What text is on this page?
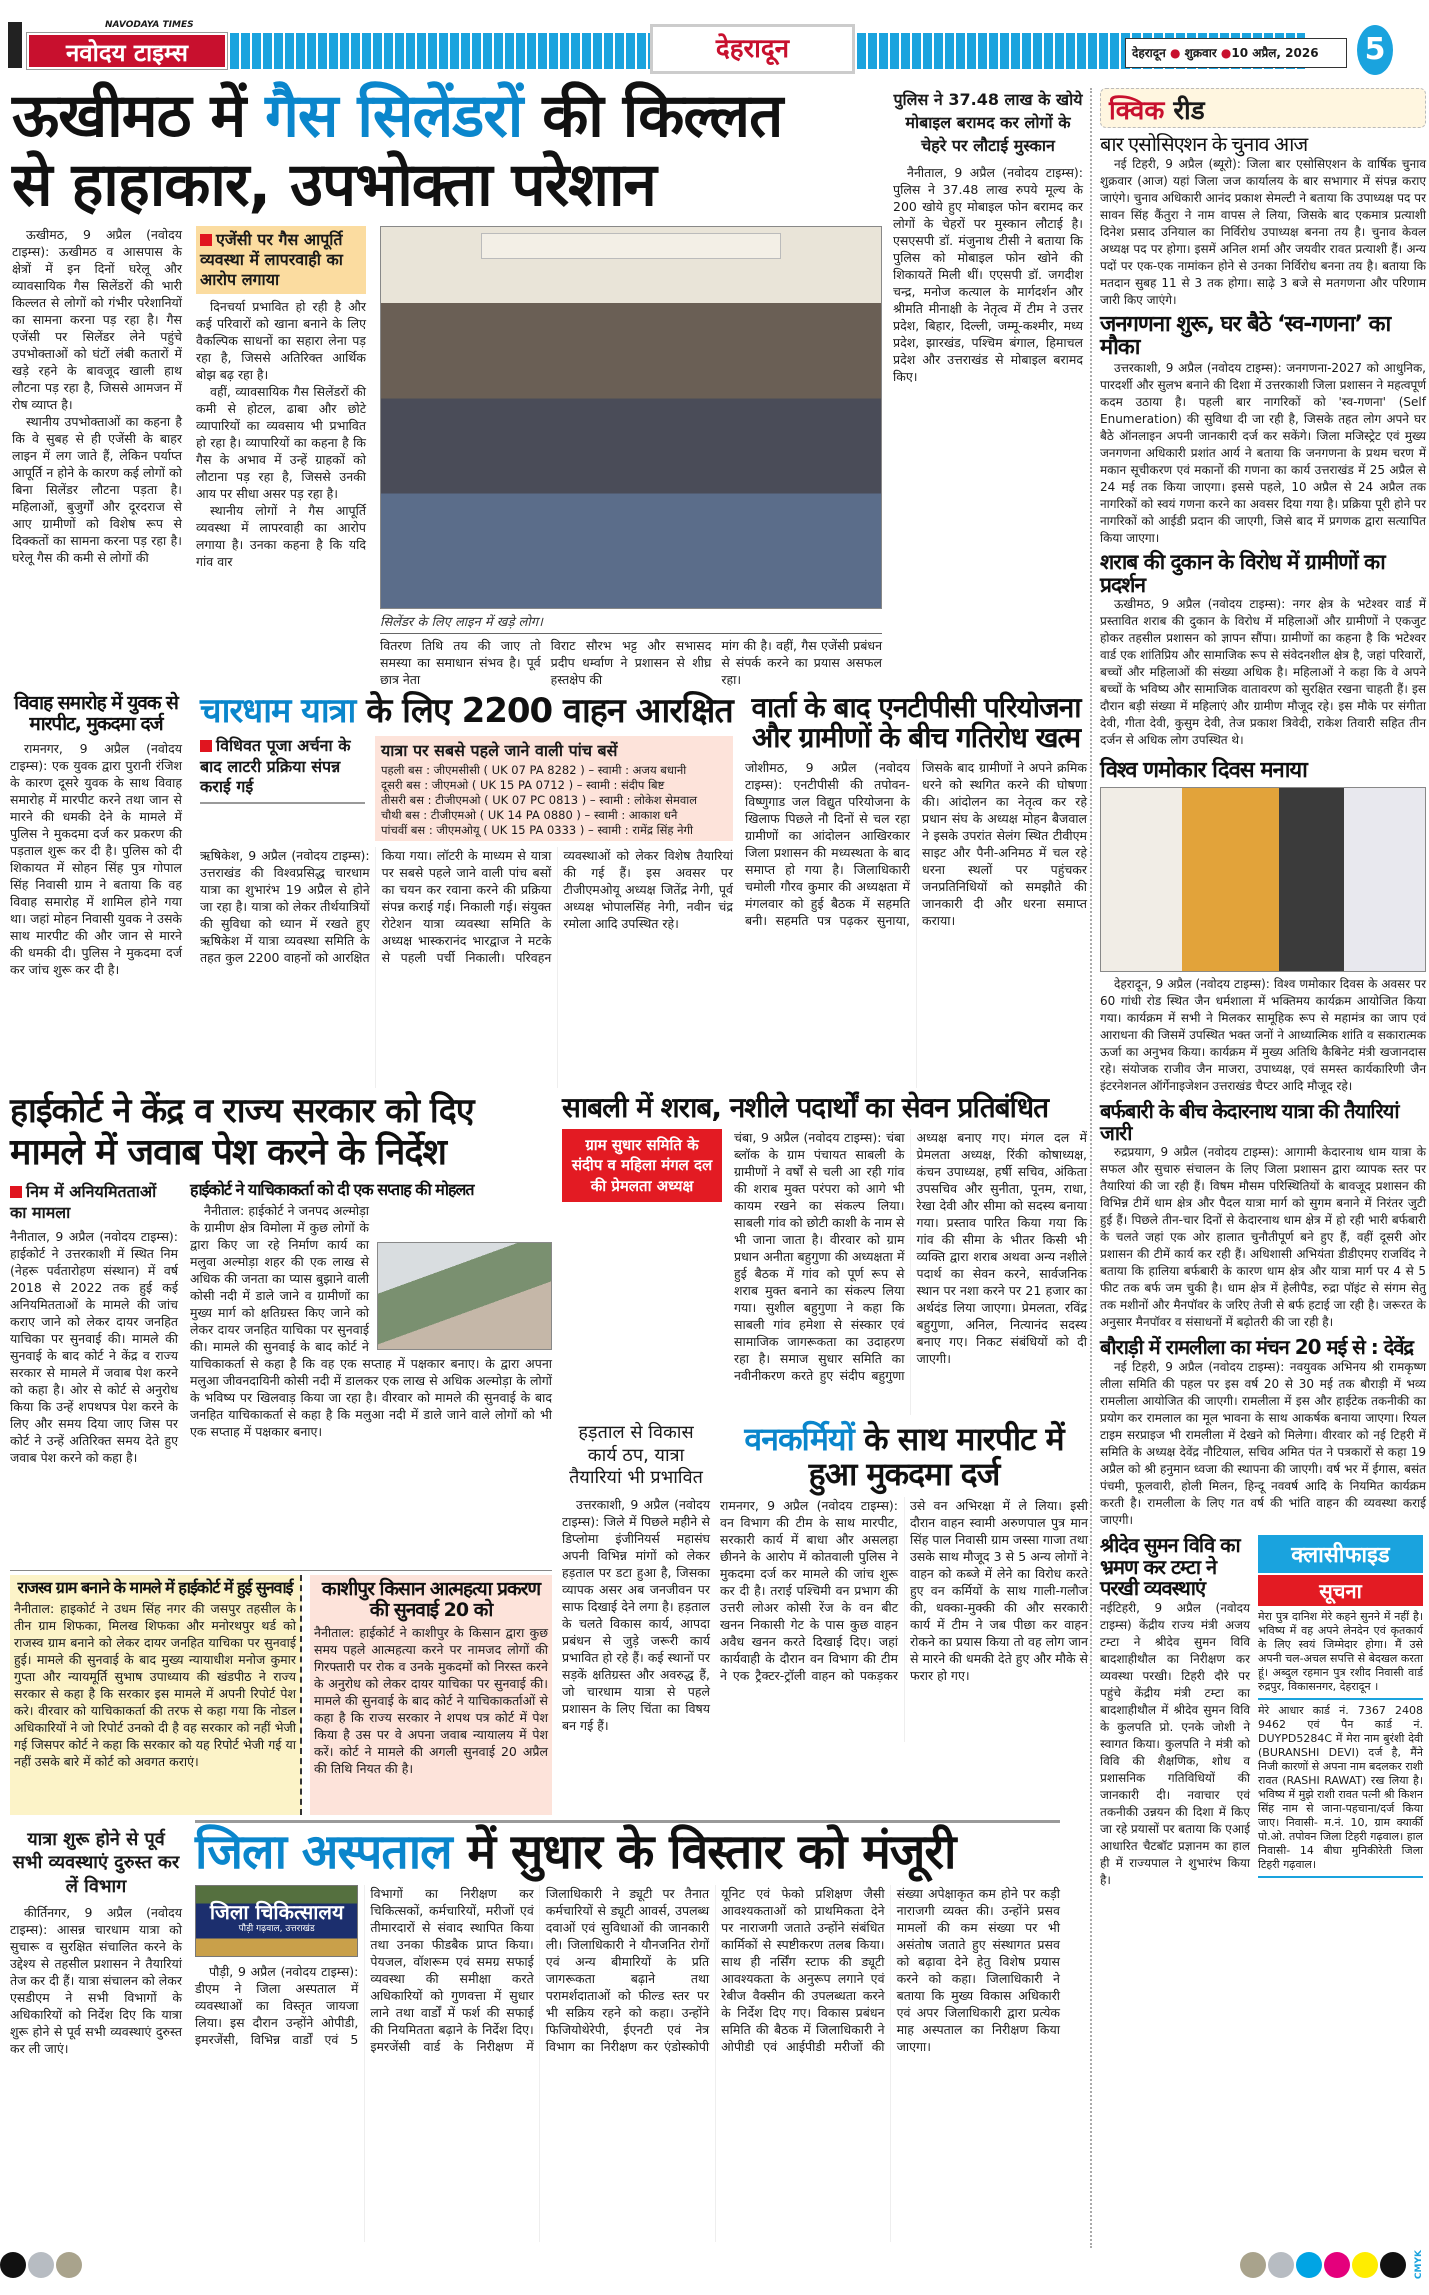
NAVODAYA TIMES
नवोदय टाइम्स	देहरादून	देहरादून ● शुक्रवार ●10 अप्रैल, 2026	5
ऊखीमठ में गैस सिलेंडरों की किल्लत
से हाहाकार, उपभोक्ता परेशान

ऊखीमठ, 9 अप्रैल (नवोदय टाइम्स): ऊखीमठ व आसपास के क्षेत्रों में इन दिनों घरेलू और व्यावसायिक गैस सिलेंडरों की भारी किल्लत से लोगों को गंभीर परेशानियों का सामना करना पड़ रहा है। गैस एजेंसी पर सिलेंडर लेने पहुंचे उपभोक्ताओं को घंटों लंबी कतारों में खड़े रहने के बावजूद खाली हाथ लौटना पड़ रहा है, जिससे आमजन में रोष व्याप्त है।

स्थानीय उपभोक्ताओं का कहना है कि वे सुबह से ही एजेंसी के बाहर लाइन में लग जाते हैं, लेकिन पर्याप्त आपूर्ति न होने के कारण कई लोगों को बिना सिलेंडर लौटना पड़ता है। महिलाओं, बुजुर्गों और दूरदराज से आए ग्रामीणों को विशेष रूप से दिक्कतों का सामना करना पड़ रहा है। घरेलू गैस की कमी से लोगों की

एजेंसी पर गैस आपूर्ति व्यवस्था में लापरवाही का आरोप लगाया

दिनचर्या प्रभावित हो रही है और कई परिवारों को खाना बनाने के लिए वैकल्पिक साधनों का सहारा लेना पड़ रहा है, जिससे अतिरिक्त आर्थिक बोझ बढ़ रहा है।

वहीं, व्यावसायिक गैस सिलेंडरों की कमी से होटल, ढाबा और छोटे व्यापारियों का व्यवसाय भी प्रभावित हो रहा है। व्यापारियों का कहना है कि गैस के अभाव में उन्हें ग्राहकों को लौटाना पड़ रहा है, जिससे उनकी आय पर सीधा असर पड़ रहा है।

स्थानीय लोगों ने गैस आपूर्ति व्यवस्था में लापरवाही का आरोप लगाया है। उनका कहना है कि यदि गांव वार

सिलेंडर के लिए लाइन में खड़े लोग।

वितरण तिथि तय की जाए तो समस्या का समाधान संभव है। पूर्व छात्र नेता

विराट सौरभ भट्ट और सभासद प्रदीप धर्म्वाण ने प्रशासन से शीघ्र हस्तक्षेप की

मांग की है। वहीं, गैस एजेंसी प्रबंधन से संपर्क करने का प्रयास असफल रहा।

पुलिस ने 37.48 लाख के खोये मोबाइल बरामद कर लोगों के चेहरे पर लौटाई मुस्कान
नैनीताल, 9 अप्रैल (नवोदय टाइम्स): पुलिस ने 37.48 लाख रुपये मूल्य के 200 खोये हुए मोबाइल फोन बरामद कर लोगों के चेहरों पर मुस्कान लौटाई है। एसएसपी डॉ. मंजुनाथ टीसी ने बताया कि पुलिस को मोबाइल फोन खोने की शिकायतें मिली थीं। एएसपी डॉ. जगदीश चन्द्र, मनोज कत्याल के मार्गदर्शन और श्रीमति मीनाक्षी के नेतृत्व में टीम ने उत्तर प्रदेश, बिहार, दिल्ली, जम्मू-कश्मीर, मध्य प्रदेश, झारखंड, पश्चिम बंगाल, हिमाचल प्रदेश और उत्तराखंड से मोबाइल बरामद किए।
क्विक रीड
बार एसोसिएशन के चुनाव आज

नई टिहरी, 9 अप्रैल (ब्यूरो): जिला बार एसोसिएशन के वार्षिक चुनाव शुक्रवार (आज) यहां जिला जज कार्यालय के बार सभागार में संपन्न कराए जाएंगे। चुनाव अधिकारी आनंद प्रकाश सेमल्टी ने बताया कि उपाध्यक्ष पद पर सावन सिंह कैंतुरा ने नाम वापस ले लिया, जिसके बाद एकमात्र प्रत्याशी दिनेश प्रसाद उनियाल का निर्विरोध उपाध्यक्ष बनना तय है। चुनाव केवल अध्यक्ष पद पर होगा। इसमें अनिल शर्मा और जयवीर रावत प्रत्याशी हैं। अन्य पदों पर एक-एक नामांकन होने से उनका निर्विरोध बनना तय है। बताया कि मतदान सुबह 11 से 3 तक होगा। साढ़े 3 बजे से मतगणना और परिणाम जारी किए जाएंगे।

जनगणना शुरू, घर बैठे ‘स्व-गणना’ का मौका

उत्तरकाशी, 9 अप्रैल (नवोदय टाइम्स): जनगणना-2027 को आधुनिक, पारदर्शी और सुलभ बनाने की दिशा में उत्तरकाशी जिला प्रशासन ने महत्वपूर्ण कदम उठाया है। पहली बार नागरिकों को 'स्व-गणना' (Self Enumeration) की सुविधा दी जा रही है, जिसके तहत लोग अपने घर बैठे ऑनलाइन अपनी जानकारी दर्ज कर सकेंगे। जिला मजिस्ट्रेट एवं मुख्य जनगणना अधिकारी प्रशांत आर्य ने बताया कि जनगणना के प्रथम चरण में मकान सूचीकरण एवं मकानों की गणना का कार्य उत्तराखंड में 25 अप्रैल से 24 मई तक किया जाएगा। इससे पहले, 10 अप्रैल से 24 अप्रैल तक नागरिकों को स्वयं गणना करने का अवसर दिया गया है। प्रक्रिया पूरी होने पर नागरिकों को आईडी प्रदान की जाएगी, जिसे बाद में प्रगणक द्वारा सत्यापित किया जाएगा।

शराब की दुकान के विरोध में ग्रामीणों का प्रदर्शन

ऊखीमठ, 9 अप्रैल (नवोदय टाइम्स): नगर क्षेत्र के भटेश्वर वार्ड में प्रस्तावित शराब की दुकान के विरोध में महिलाओं और ग्रामीणों ने एकजुट होकर तहसील प्रशासन को ज्ञापन सौंपा। ग्रामीणों का कहना है कि भटेश्वर वार्ड एक शांतिप्रिय और सामाजिक रूप से संवेदनशील क्षेत्र है, जहां परिवारों, बच्चों और महिलाओं की संख्या अधिक है। महिलाओं ने कहा कि वे अपने बच्चों के भविष्य और सामाजिक वातावरण को सुरक्षित रखना चाहती हैं। इस दौरान बड़ी संख्या में महिलाएं और ग्रामीण मौजूद रहे। इस मौके पर संगीता देवी, गीता देवी, कुसुम देवी, तेज प्रकाश त्रिवेदी, राकेश तिवारी सहित तीन दर्जन से अधिक लोग उपस्थित थे।

विश्व णमोकार दिवस मनाया

देहरादून, 9 अप्रैल (नवोदय टाइम्स): विश्व णमोकार दिवस के अवसर पर 60 गांधी रोड स्थित जैन धर्मशाला में भक्तिमय कार्यक्रम आयोजित किया गया। कार्यक्रम में सभी ने मिलकर सामूहिक रूप से महामंत्र का जाप एवं आराधना की जिसमें उपस्थित भक्त जनों ने आध्यात्मिक शांति व सकारात्मक ऊर्जा का अनुभव किया। कार्यक्रम में मुख्य अतिथि कैबिनेट मंत्री खजानदास रहे। संयोजक राजीव जैन माजरा, उपाध्यक्ष, एवं समस्त कार्यकारिणी जैन इंटरनेशनल ऑर्गेनाइजेशन उत्तराखंड चैप्टर आदि मौजूद रहे।

बर्फबारी के बीच केदारनाथ यात्रा की तैयारियां जारी

रुद्रप्रयाग, 9 अप्रैल (नवोदय टाइम्स): आगामी केदारनाथ धाम यात्रा के सफल और सुचारु संचालन के लिए जिला प्रशासन द्वारा व्यापक स्तर पर तैयारियां की जा रही हैं। विषम मौसम परिस्थितियों के बावजूद प्रशासन की विभिन्न टीमें धाम क्षेत्र और पैदल यात्रा मार्ग को सुगम बनाने में निरंतर जुटी हुई हैं। पिछले तीन-चार दिनों से केदारनाथ धाम क्षेत्र में हो रही भारी बर्फबारी के चलते जहां एक ओर हालात चुनौतीपूर्ण बने हुए हैं, वहीं दूसरी ओर प्रशासन की टीमें कार्य कर रही हैं। अधिशासी अभियंता डीडीएमए राजविंद ने बताया कि हालिया बर्फबारी के कारण धाम क्षेत्र और यात्रा मार्ग पर 4 से 5 फीट तक बर्फ जम चुकी है। धाम क्षेत्र में हेलीपैड, रुद्रा पॉइंट से संगम सेतु तक मशीनों और मैनपॉवर के जरिए तेजी से बर्फ हटाई जा रही है। जरूरत के अनुसार मैनपॉवर व संसाधनों में बढ़ोतरी की जा रही है।

बौराड़ी में रामलीला का मंचन 20 मई से : देवेंद्र

नई टिहरी, 9 अप्रैल (नवोदय टाइम्स): नवयुवक अभिनय श्री रामकृष्ण लीला समिति की पहल पर इस वर्ष 20 से 30 मई तक बौराड़ी में भव्य रामलीला आयोजित की जाएगी। रामलीला में इस और हाईटेक तकनीकी का प्रयोग कर रामलाल का मूल भावना के साथ आकर्षक बनाया जाएगा। रियल टाइम सरप्राइज भी रामलीला में देखने को मिलेगा। वीरवार को नई टिहरी में समिति के अध्यक्ष देवेंद्र नौटियाल, सचिव अमित पंत ने पत्रकारों से कहा 19 अप्रैल को श्री हनुमान ध्वजा की स्थापना की जाएगी। वर्ष भर में ईगास, बसंत पंचमी, फूलवारी, होली मिलन, हिन्दू नववर्ष आदि के नियमित कार्यक्रम करती है। रामलीला के लिए गत वर्ष की भांति वाहन की व्यवस्था कराई जाएगी।

श्रीदेव सुमन विवि का भ्रमण कर टम्टा ने परखी व्यवस्थाएं

नईटिहरी, 9 अप्रैल (नवोदय टाइम्स) केंद्रीय राज्य मंत्री अजय टम्टा ने श्रीदेव सुमन विवि बादशाहीथौल का निरीक्षण कर व्यवस्था परखी। टिहरी दौरे पर पहुंचे केंद्रीय मंत्री टम्टा का बादशाहीथौल में श्रीदेव सुमन विवि के कुलपति प्रो. एनके जोशी ने स्वागत किया। कुलपति ने मंत्री को विवि की शैक्षणिक, शोध व प्रशासनिक गतिविधियों की जानकारी दी। नवाचार एवं तकनीकी उन्नयन की दिशा में किए जा रहे प्रयासों पर बताया कि एआई आधारित चैटबॉट प्रज्ञानम का हाल ही में राज्यपाल ने शुभारंभ किया है।

क्लासीफाइड
सूचना

मेरा पुत्र दानिश मेरे कहने सुनने में नहीं है। भविष्य में वह अपने लेनदेन एवं कृतकार्य के लिए स्वयं जिम्मेदार होगा। मैं उसे अपनी चल-अचल सपत्ति से बेदखल करता हूं। अब्दुल रहमान पुत्र रशीद निवासी वार्ड रुद्रपुर, विकासनगर, देहरादून ।

मेरे आधार कार्ड नं. 7367 2408 9462 एवं पैन कार्ड नं. DUYPD5284C में मेरा नाम बुरंशी देवी (BURANSHI DEVI) दर्ज है, मैंने निजी कारणों से अपना नाम बदलकर राशी रावत (RASHI RAWAT) रख लिया है। भविष्य में मुझे राशी रावत पत्नी श्री किशन सिंह नाम से जाना-पहचाना/दर्ज किया जाए। निवासी- म.नं. 10, ग्राम क्यार्की पो.ओ. तपोवन जिला टिहरी गढ़वाल। हाल निवासी- 14 बीघा मुनिकीरेती जिला टिहरी गढ़वाल।

विवाह समारोह में युवक से मारपीट, मुकदमा दर्ज

रामनगर, 9 अप्रैल (नवोदय टाइम्स): एक युवक द्वारा पुरानी रंजिश के कारण दूसरे युवक के साथ विवाह समारोह में मारपीट करने तथा जान से मारने की धमकी देने के मामले में पुलिस ने मुकदमा दर्ज कर प्रकरण की पड़ताल शुरू कर दी है। पुलिस को दी शिकायत में सोहन सिंह पुत्र गोपाल सिंह निवासी ग्राम ने बताया कि वह विवाह समारोह में शामिल होने गया था। जहां मोहन निवासी युवक ने उसके साथ मारपीट की और जान से मारने की धमकी दी। पुलिस ने मुकदमा दर्ज कर जांच शुरू कर दी है।

चारधाम यात्रा के लिए 2200 वाहन आरक्षित
विधिवत पूजा अर्चना के बाद लाटरी प्रक्रिया संपन्न कराई गई
यात्रा पर सबसे पहले जाने वाली पांच बसें
पहली बस : जीएमसीसी ( UK 07 PA 8282 ) – स्वामी : अजय बधानी
दूसरी बस : जीएमओ ( UK 15 PA 0712 ) – स्वामी : संदीप बिष्ट
तीसरी बस : टीजीएमओ ( UK 07 PC 0813 ) – स्वामी : लोकेश सेमवाल
चौथी बस : टीजीएमओ ( UK 14 PA 0880 ) – स्वामी : आकाश धनै
पांचवीं बस : जीएमओयू ( UK 15 PA 0333 ) – स्वामी : रामेंद्र सिंह नेगी
ऋषिकेश, 9 अप्रैल (नवोदय टाइम्स): उत्तराखंड की विश्वप्रसिद्ध चारधाम यात्रा का शुभारंभ 19 अप्रैल से होने जा रहा है। यात्रा को लेकर तीर्थयात्रियों की सुविधा को ध्यान में रखते हुए ऋषिकेश में यात्रा व्यवस्था समिति के तहत कुल 2200 वाहनों को आरक्षित किया गया। लॉटरी के माध्यम से यात्रा पर सबसे पहले जाने वाली पांच बसों का चयन कर रवाना करने की प्रक्रिया संपन्न कराई गई। निकाली गई। संयुक्त रोटेशन यात्रा व्यवस्था समिति के अध्यक्ष भास्करानंद भारद्वाज ने मटके से पहली पर्ची निकाली। परिवहन व्यवस्थाओं को लेकर विशेष तैयारियां की गई हैं। इस अवसर पर टीजीएमओयू अध्यक्ष जितेंद्र नेगी, पूर्व अध्यक्ष भोपालसिंह नेगी, नवीन चंद्र रमोला आदि उपस्थित रहे।
वार्ता के बाद एनटीपीसी परियोजना और ग्रामीणों के बीच गतिरोध खत्म
जोशीमठ, 9 अप्रैल (नवोदय टाइम्स): एनटीपीसी की तपोवन-विष्णुगाड जल विद्युत परियोजना के खिलाफ पिछले नौ दिनों से चल रहा ग्रामीणों का आंदोलन आखिरकार जिला प्रशासन की मध्यस्थता के बाद समाप्त हो गया है। जिलाधिकारी चमोली गौरव कुमार की अध्यक्षता में मंगलवार को हुई बैठक में सहमति बनी। सहमति पत्र पढ़कर सुनाया, जिसके बाद ग्रामीणों ने अपने क्रमिक धरने को स्थगित करने की घोषणा की। आंदोलन का नेतृत्व कर रहे प्रधान संघ के अध्यक्ष मोहन बैजवाल ने इसके उपरांत सेलंग स्थित टीवीएम साइट और पैनी-अनिमठ में चल रहे धरना स्थलों पर पहुंचकर जनप्रतिनिधियों को समझौते की जानकारी दी और धरना समाप्त कराया।
हाईकोर्ट ने केंद्र व राज्य सरकार को दिए
मामले में जवाब पेश करने के निर्देश
निम में अनियमितताओं का मामला
नैनीताल, 9 अप्रैल (नवोदय टाइम्स): हाईकोर्ट ने उत्तरकाशी में स्थित निम (नेहरू पर्वतारोहण संस्थान) में वर्ष 2018 से 2022 तक हुई कई अनियमितताओं के मामले की जांच कराए जाने को लेकर दायर जनहित याचिका पर सुनवाई की। मामले की सुनवाई के बाद कोर्ट ने केंद्र व राज्य सरकार से मामले में जवाब पेश करने को कहा है। ओर से कोर्ट से अनुरोध किया कि उन्हें शपथपत्र पेश करने के लिए और समय दिया जाए जिस पर कोर्ट ने उन्हें अतिरिक्त समय देते हुए जवाब पेश करने को कहा है।
हाईकोर्ट ने याचिकाकर्ता को दी एक सप्ताह की मोहलत

नैनीताल: हाईकोर्ट ने जनपद अल्मोड़ा के ग्रामीण क्षेत्र विमोला में कुछ लोगों के द्वारा किए जा रहे निर्माण कार्य का मलुवा अल्मोड़ा शहर की एक लाख से अधिक की जनता का प्यास बुझाने वाली कोसी नदी में डाले जाने व ग्रामीणों का मुख्य मार्ग को क्षतिग्रस्त किए जाने को लेकर दायर जनहित याचिका पर सुनवाई की। मामले की सुनवाई के बाद कोर्ट ने याचिकाकर्ता से कहा है कि वह एक सप्ताह में पक्षकार बनाए। के द्वारा अपना मलुआ जीवनदायिनी कोसी नदी में डालकर एक लाख से अधिक अल्मोड़ा के लोगों के भविष्य पर खिलवाड़ किया जा रहा है। वीरवार को मामले की सुनवाई के बाद जनहित याचिकाकर्ता से कहा है कि मलुआ नदी में डाले जाने वाले लोगों को भी एक सप्ताह में पक्षकार बनाए।

राजस्व ग्राम बनाने के मामले में हाईकोर्ट में हुई सुनवाई

नैनीताल: हाइकोर्ट ने उधम सिंह नगर की जसपुर तहसील के तीन ग्राम शिफका, मिलख शिफका और मनोरथपुर थर्ड को राजस्व ग्राम बनाने को लेकर दायर जनहित याचिका पर सुनवाई हुई। मामले की सुनवाई के बाद मुख्य न्यायाधीश मनोज कुमार गुप्ता और न्यायमूर्ति सुभाष उपाध्याय की खंडपीठ ने राज्य सरकार से कहा है कि सरकार इस मामले में अपनी रिपोर्ट पेश करे। वीरवार को याचिकाकर्ता की तरफ से कहा गया कि नोडल अधिकारियों ने जो रिपोर्ट उनको दी है वह सरकार को नहीं भेजी गई जिसपर कोर्ट ने कहा कि सरकार को यह रिपोर्ट भेजी गई या नहीं उसके बारे में कोर्ट को अवगत कराएं।

काशीपुर किसान आत्महत्या प्रकरण की सुनवाई 20 को

नैनीताल: हाईकोर्ट ने काशीपुर के किसान द्वारा कुछ समय पहले आत्महत्या करने पर नामजद लोगों की गिरफ्तारी पर रोक व उनके मुकदमों को निरस्त करने के अनुरोध को लेकर दायर याचिका पर सुनवाई की। मामले की सुनवाई के बाद कोर्ट ने याचिकाकर्ताओं से कहा है कि राज्य सरकार ने शपथ पत्र कोर्ट में पेश किया है उस पर वे अपना जवाब न्यायालय में पेश करें। कोर्ट ने मामले की अगली सुनवाई 20 अप्रैल की तिथि नियत की है।

साबली में शराब, नशीले पदार्थों का सेवन प्रतिबंधित
ग्राम सुधार समिति के संदीप व महिला मंगल दल की प्रेमलता अध्यक्ष
चंबा, 9 अप्रैल (नवोदय टाइम्स): चंबा ब्लॉक के ग्राम पंचायत साबली के ग्रामीणों ने वर्षों से चली आ रही गांव की शराब मुक्त परंपरा को आगे भी कायम रखने का संकल्प लिया। साबली गांव को छोटी काशी के नाम से भी जाना जाता है। वीरवार को ग्राम प्रधान अनीता बहुगुणा की अध्यक्षता में हुई बैठक में गांव को पूर्ण रूप से शराब मुक्त बनाने का संकल्प लिया गया। सुशील बहुगुणा ने कहा कि साबली गांव हमेशा से संस्कार एवं सामाजिक जागरूकता का उदाहरण रहा है। समाज सुधार समिति का नवीनीकरण करते हुए संदीप बहुगुणा अध्यक्ष बनाए गए। मंगल दल में प्रेमलता अध्यक्ष, रिंकी कोषाध्यक्ष, कंचन उपाध्यक्ष, हर्षी सचिव, अंकिता उपसचिव और सुनीता, पूनम, राधा, रेखा देवी और सीमा को सदस्य बनाया गया। प्रस्ताव पारित किया गया कि गांव की सीमा के भीतर किसी भी व्यक्ति द्वारा शराब अथवा अन्य नशीले पदार्थ का सेवन करने, सार्वजनिक स्थान पर नशा करने पर 21 हजार का अर्थदंड लिया जाएगा। प्रेमलता, रविंद्र बहुगुणा, अनिल, नित्यानंद सदस्य बनाए गए। निकट संबंधियों को दी जाएगी।
हड़ताल से विकास कार्य ठप, यात्रा तैयारियां भी प्रभावित

उत्तरकाशी, 9 अप्रैल (नवोदय टाइम्स): जिले में पिछले महीने से डिप्लोमा इंजीनियर्स महासंघ अपनी विभिन्न मांगों को लेकर हड़ताल पर डटा हुआ है, जिसका व्यापक असर अब जनजीवन पर साफ दिखाई देने लगा है। हड़ताल के चलते विकास कार्य, आपदा प्रबंधन से जुड़े जरूरी कार्य प्रभावित हो रहे हैं। कई स्थानों पर सड़कें क्षतिग्रस्त और अवरुद्ध हैं, जो चारधाम यात्रा से पहले प्रशासन के लिए चिंता का विषय बन गई हैं।

वनकर्मियों के साथ मारपीट में हुआ मुकदमा दर्ज
रामनगर, 9 अप्रैल (नवोदय टाइम्स): वन विभाग की टीम के साथ मारपीट, सरकारी कार्य में बाधा और असलहा छीनने के आरोप में कोतवाली पुलिस ने मुकदमा दर्ज कर मामले की जांच शुरू कर दी है। तराई पश्चिमी वन प्रभाग की उत्तरी लोअर कोसी रेंज के वन बीट खनन निकासी गेट के पास कुछ वाहन अवैध खनन करते दिखाई दिए। जहां कार्यवाही के दौरान वन विभाग की टीम ने एक ट्रैक्टर-ट्रॉली वाहन को पकड़कर उसे वन अभिरक्षा में ले लिया। इसी दौरान वाहन स्वामी अरुणपाल पुत्र मान सिंह पाल निवासी ग्राम जस्सा गाजा तथा उसके साथ मौजूद 3 से 5 अन्य लोगों ने वाहन को कब्जे में लेने का विरोध करते हुए वन कर्मियों के साथ गाली-गलौज की, धक्का-मुक्की की और सरकारी कार्य में टीम ने जब पीछा कर वाहन रोकने का प्रयास किया तो वह लोग जान से मारने की धमकी देते हुए और मौके से फरार हो गए।
यात्रा शुरू होने से पूर्व सभी व्यवस्थाएं दुरुस्त कर लें विभाग

कीर्तिनगर, 9 अप्रैल (नवोदय टाइम्स): आसन्न चारधाम यात्रा को सुचारू व सुरक्षित संचालित करने के उद्देश्य से तहसील प्रशासन ने तैयारियां तेज कर दी हैं। यात्रा संचालन को लेकर एसडीएम ने सभी विभागों के अधिकारियों को निर्देश दिए कि यात्रा शुरू होने से पूर्व सभी व्यवस्थाएं दुरुस्त कर ली जाएं।

जिला अस्पताल में सुधार के विस्तार को मंजूरी
जिला चिकित्सालय
पौड़ी गढ़वाल, उत्तराखंड

पौड़ी, 9 अप्रैल (नवोदय टाइम्स): डीएम ने जिला अस्पताल में व्यवस्थाओं का विस्तृत जायजा लिया। इस दौरान उन्होंने ओपीडी, इमरजेंसी, विभिन्न वार्डों एवं 5 विभागों का निरीक्षण कर चिकित्सकों, कर्मचारियों, मरीजों एवं तीमारदारों से संवाद स्थापित किया तथा उनका फीडबैक प्राप्त किया। पेयजल, वॉशरूम एवं समग्र सफाई व्यवस्था की समीक्षा करते अधिकारियों को गुणवत्ता में सुधार लाने तथा वार्डों में फर्श की सफाई की नियमितता बढ़ाने के निर्देश दिए। इमरजेंसी वार्ड के निरीक्षण में जिलाधिकारी ने ड्यूटी पर तैनात कर्मचारियों से ड्यूटी आवर्स, उपलब्ध दवाओं एवं सुविधाओं की जानकारी ली। जिलाधिकारी ने यौनजनित रोगों एवं अन्य बीमारियों के प्रति जागरूकता बढ़ाने तथा परामर्शदाताओं को फील्ड स्तर पर भी सक्रिय रहने को कहा। उन्होंने फिजियोथेरेपी, ईएनटी एवं नेत्र विभाग का निरीक्षण कर एंडोस्कोपी यूनिट एवं फेको प्रशिक्षण जैसी आवश्यकताओं को प्राथमिकता देने पर नाराजगी जताते उन्होंने संबंधित कार्मिकों से स्पष्टीकरण तलब किया। साथ ही नर्सिंग स्टाफ की ड्यूटी आवश्यकता के अनुरूप लगाने एवं रेबीज वैक्सीन की उपलब्धता करने के निर्देश दिए गए। विकास प्रबंधन समिति की बैठक में जिलाधिकारी ने ओपीडी एवं आईपीडी मरीजों की संख्या अपेक्षाकृत कम होने पर कड़ी नाराजगी व्यक्त की। उन्होंने प्रसव मामलों की कम संख्या पर भी असंतोष जताते हुए संस्थागत प्रसव को बढ़ावा देने हेतु विशेष प्रयास करने को कहा। जिलाधिकारी ने बताया कि मुख्य विकास अधिकारी एवं अपर जिलाधिकारी द्वारा प्रत्येक माह अस्पताल का निरीक्षण किया जाएगा।

CMYK
